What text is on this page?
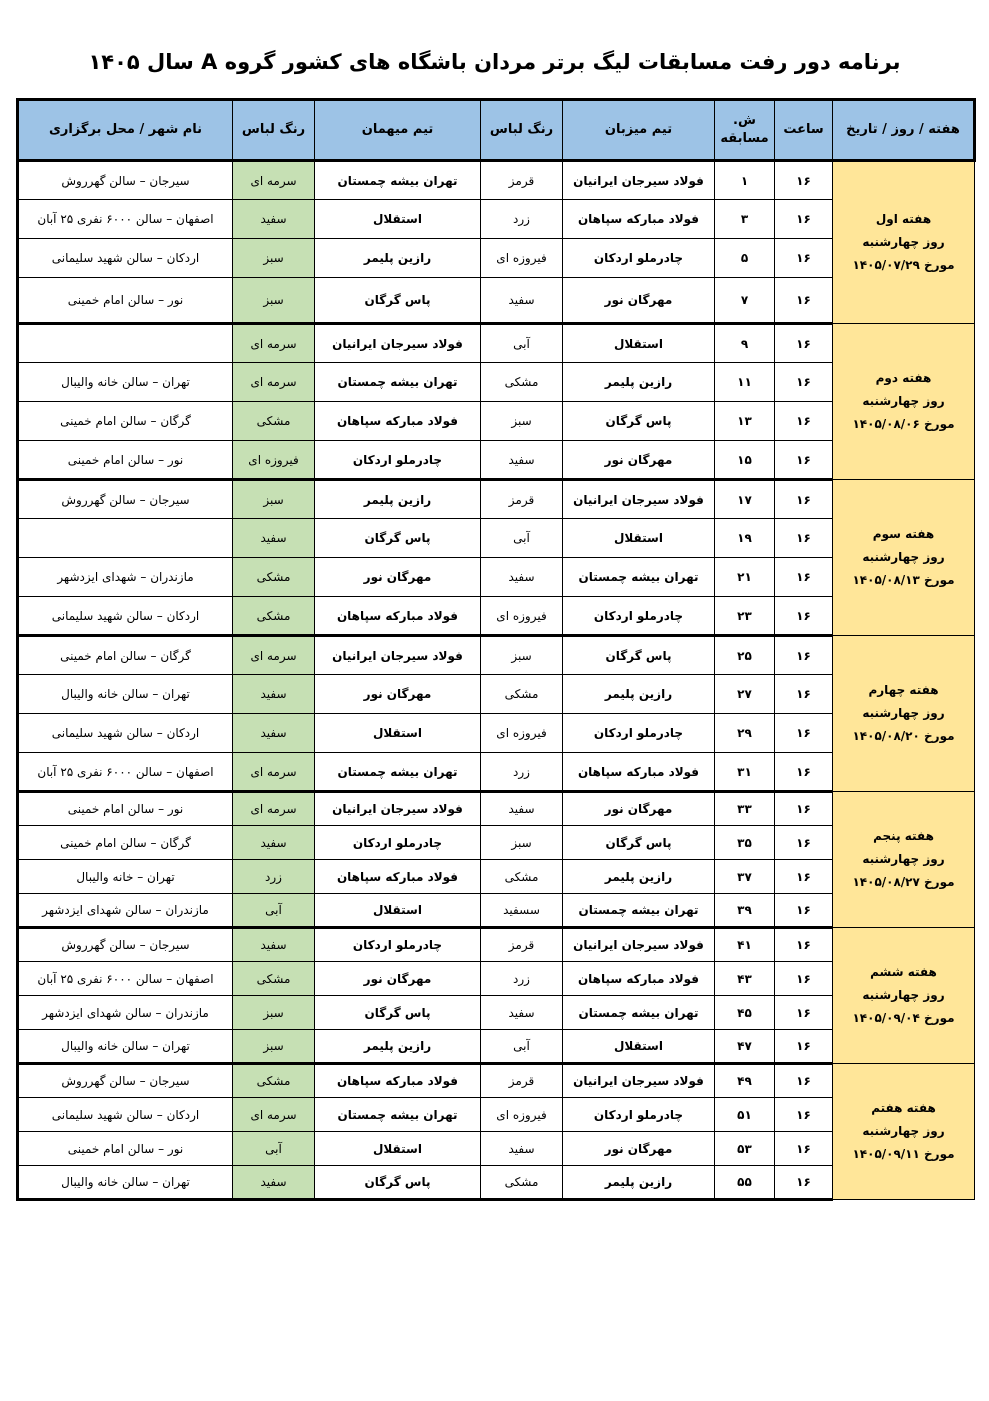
برنامه دور رفت مسابقات لیگ برتر مردان باشگاه های کشور گروه A سال ۱۴۰۵
هفته / روز / تاریخ	ساعت	ش.
مسابقه	تیم میزبان	رنگ لباس	تیم میهمان	رنگ لباس	نام شهر / محل برگزاری

هفته اول
روز چهارشنبه
مورخ ۱۴۰۵/۰۷/۲۹	۱۶	۱	فولاد سیرجان ایرانیان	قرمز	تهران بیشه چمستان	سرمه ای	سیرجان – سالن گهرروش
	۱۶	۳	فولاد مبارکه سپاهان	زرد	استقلال	سفید	اصفهان – سالن ۶۰۰۰ نفری ۲۵ آبان
	۱۶	۵	چادرملو اردکان	فیروزه ای	رازین پلیمر	سبز	اردکان – سالن شهید سلیمانی
	۱۶	۷	مهرگان نور	سفید	پاس گرگان	سبز	نور – سالن امام خمینی

هفته دوم
روز چهارشنبه
مورخ ۱۴۰۵/۰۸/۰۶	۱۶	۹	استقلال	آبی	فولاد سیرجان ایرانیان	سرمه ای	
	۱۶	۱۱	رازین پلیمر	مشکی	تهران بیشه چمستان	سرمه ای	تهران – سالن خانه والیبال
	۱۶	۱۳	پاس گرگان	سبز	فولاد مبارکه سپاهان	مشکی	گرگان – سالن امام خمینی
	۱۶	۱۵	مهرگان نور	سفید	چادرملو اردکان	فیروزه ای	نور – سالن امام خمینی

هفته سوم
روز چهارشنبه
مورخ ۱۴۰۵/۰۸/۱۳	۱۶	۱۷	فولاد سیرجان ایرانیان	قرمز	رازین پلیمر	سبز	سیرجان – سالن گهرروش
	۱۶	۱۹	استقلال	آبی	پاس گرگان	سفید	
	۱۶	۲۱	تهران بیشه چمستان	سفید	مهرگان نور	مشکی	مازندران – شهدای ایزدشهر
	۱۶	۲۳	چادرملو اردکان	فیروزه ای	فولاد مبارکه سپاهان	مشکی	اردکان – سالن شهید سلیمانی

هفته چهارم
روز چهارشنبه
مورخ ۱۴۰۵/۰۸/۲۰	۱۶	۲۵	پاس گرگان	سبز	فولاد سیرجان ایرانیان	سرمه ای	گرگان – سالن امام خمینی
	۱۶	۲۷	رازین پلیمر	مشکی	مهرگان نور	سفید	تهران – سالن خانه والیبال
	۱۶	۲۹	چادرملو اردکان	فیروزه ای	استقلال	سفید	اردکان – سالن شهید سلیمانی
	۱۶	۳۱	فولاد مبارکه سپاهان	زرد	تهران بیشه چمستان	سرمه ای	اصفهان – سالن ۶۰۰۰ نفری ۲۵ آبان

هفته پنجم
روز چهارشنبه
مورخ ۱۴۰۵/۰۸/۲۷	۱۶	۳۳	مهرگان نور	سفید	فولاد سیرجان ایرانیان	سرمه ای	نور – سالن امام خمینی
	۱۶	۳۵	پاس گرگان	سبز	چادرملو اردکان	سفید	گرگان – سالن امام خمینی
	۱۶	۳۷	رازین پلیمر	مشکی	فولاد مبارکه سپاهان	زرد	تهران – خانه والیبال
	۱۶	۳۹	تهران بیشه چمستان	سسفید	استقلال	آبی	مازندران – سالن شهدای ایزدشهر

هفته ششم
روز چهارشنبه
مورخ ۱۴۰۵/۰۹/۰۴	۱۶	۴۱	فولاد سیرجان ایرانیان	قرمز	چادرملو اردکان	سفید	سیرجان – سالن گهرروش
	۱۶	۴۳	فولاد مبارکه سپاهان	زرد	مهرگان نور	مشکی	اصفهان – سالن ۶۰۰۰ نفری ۲۵ آبان
	۱۶	۴۵	تهران بیشه چمستان	سفید	پاس گرگان	سبز	مازندران – سالن شهدای ایزدشهر
	۱۶	۴۷	استقلال	آبی	رازین پلیمر	سبز	تهران – سالن خانه والیبال

هفته هفتم
روز چهارشنبه
مورخ ۱۴۰۵/۰۹/۱۱	۱۶	۴۹	فولاد سیرجان ایرانیان	قرمز	فولاد مبارکه سپاهان	مشکی	سیرجان – سالن گهرروش
	۱۶	۵۱	چادرملو اردکان	فیروزه ای	تهران بیشه چمستان	سرمه ای	اردکان – سالن شهید سلیمانی
	۱۶	۵۳	مهرگان نور	سفید	استقلال	آبی	نور – سالن امام خمینی
	۱۶	۵۵	رازین پلیمر	مشکی	پاس گرگان	سفید	تهران – سالن خانه والیبال
